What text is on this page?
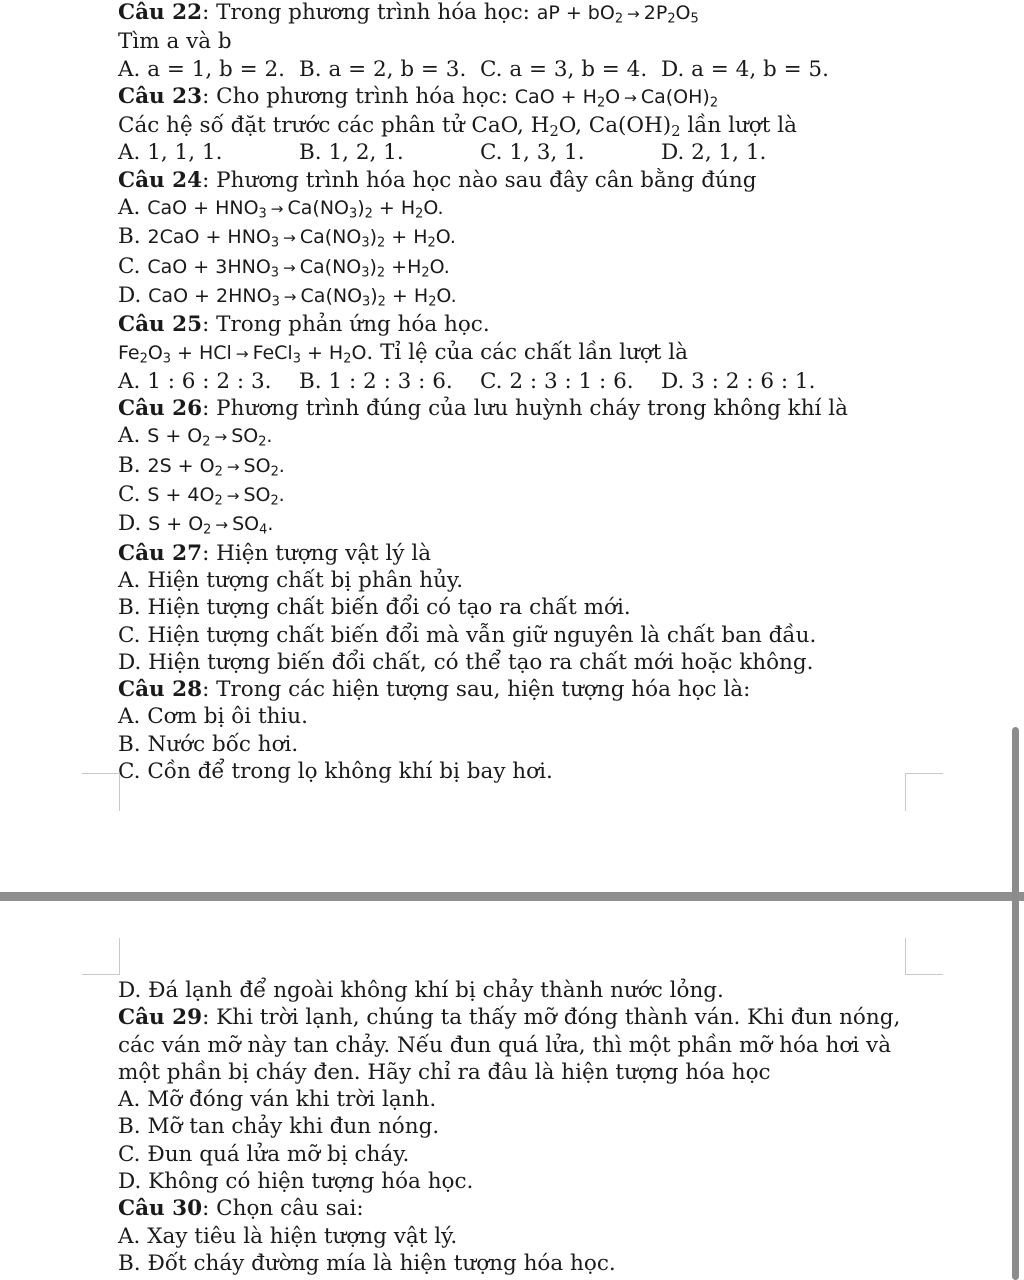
Câu 22: Trong phương trình hóa học: aP + $bO_2 \to 2P_2O_5$
Tìm a và b
A. a = 1, b = 2. B. a = 2, b = 3. C. a = 3, b = 4. D. a = 4, b = 5.
Câu 23: Cho phương trình hóa học: CaO + $H_2O \to Ca(OH)_2$
Các hệ số đặt trước các phân tử CaO, $H_2O$, $Ca(OH)_2$ lần lượt là
A. 1, 1, 1.	B. 1, 2, 1.	C. 1, 3, 1.	D. 2, 1, 1.
Câu 24: Phương trình hóa học nào sau đây cân bằng đúng
A. CaO + $HNO_3 \to Ca(NO_3)_2 + H_2O$.
B. $2CaO + HNO_3 \to Ca(NO_3)_2 + H_2O$.
C. CaO + $3HNO_3 \to Ca(NO_3)_2 +H_2O$.
D. CaO + $2HNO_3 \to Ca(NO_3)_2 + H_2O$.
Câu 25: Trong phản ứng hóa học.
$Fe_2O_3$ + HCl → FeCl$_3$ + $H_2O$. Tỉ lệ của các chất lần lượt là
A. 1 : 6 : 2 : 3.	B. 1 : 2 : 3 : 6.	C. 2 : 3 : 1 : 6.	D. 3 : 2 : 6 : 1.
Câu 26: Phương trình đúng của lưu huỳnh cháy trong không khí là
A. $S + O_2 \to SO_2$.
B. $2S + O_2 \to SO_2$.
C. $S + 4O_2 \to SO_2$.
D. $S + O_2 \to SO_4$.
Câu 27: Hiện tượng vật lý là
A. Hiện tượng chất bị phân hủy.
B. Hiện tượng chất biến đổi có tạo ra chất mới.
C. Hiện tượng chất biến đổi mà vẫn giữ nguyên là chất ban đầu.
D. Hiện tượng biến đổi chất, có thể tạo ra chất mới hoặc không.
Câu 28: Trong các hiện tượng sau, hiện tượng hóa học là:
A. Cơm bị ôi thiu.
B. Nước bốc hơi.
C. Cồn để trong lọ không khí bị bay hơi.
D. Đá lạnh để ngoài không khí bị chảy thành nước lỏng.
Câu 29: Khi trời lạnh, chúng ta thấy mỡ đóng thành ván. Khi đun nóng, các ván mỡ này tan chảy. Nếu đun quá lửa, thì một phần mỡ hóa hơi và một phần bị cháy đen. Hãy chỉ ra đâu là hiện tượng hóa học
A. Mỡ đóng ván khi trời lạnh.
B. Mỡ tan chảy khi đun nóng.
C. Đun quá lửa mỡ bị cháy.
D. Không có hiện tượng hóa học.
Câu 30: Chọn câu sai:
A. Xay tiêu là hiện tượng vật lý.
B. Đốt cháy đường mía là hiện tượng hóa học.
